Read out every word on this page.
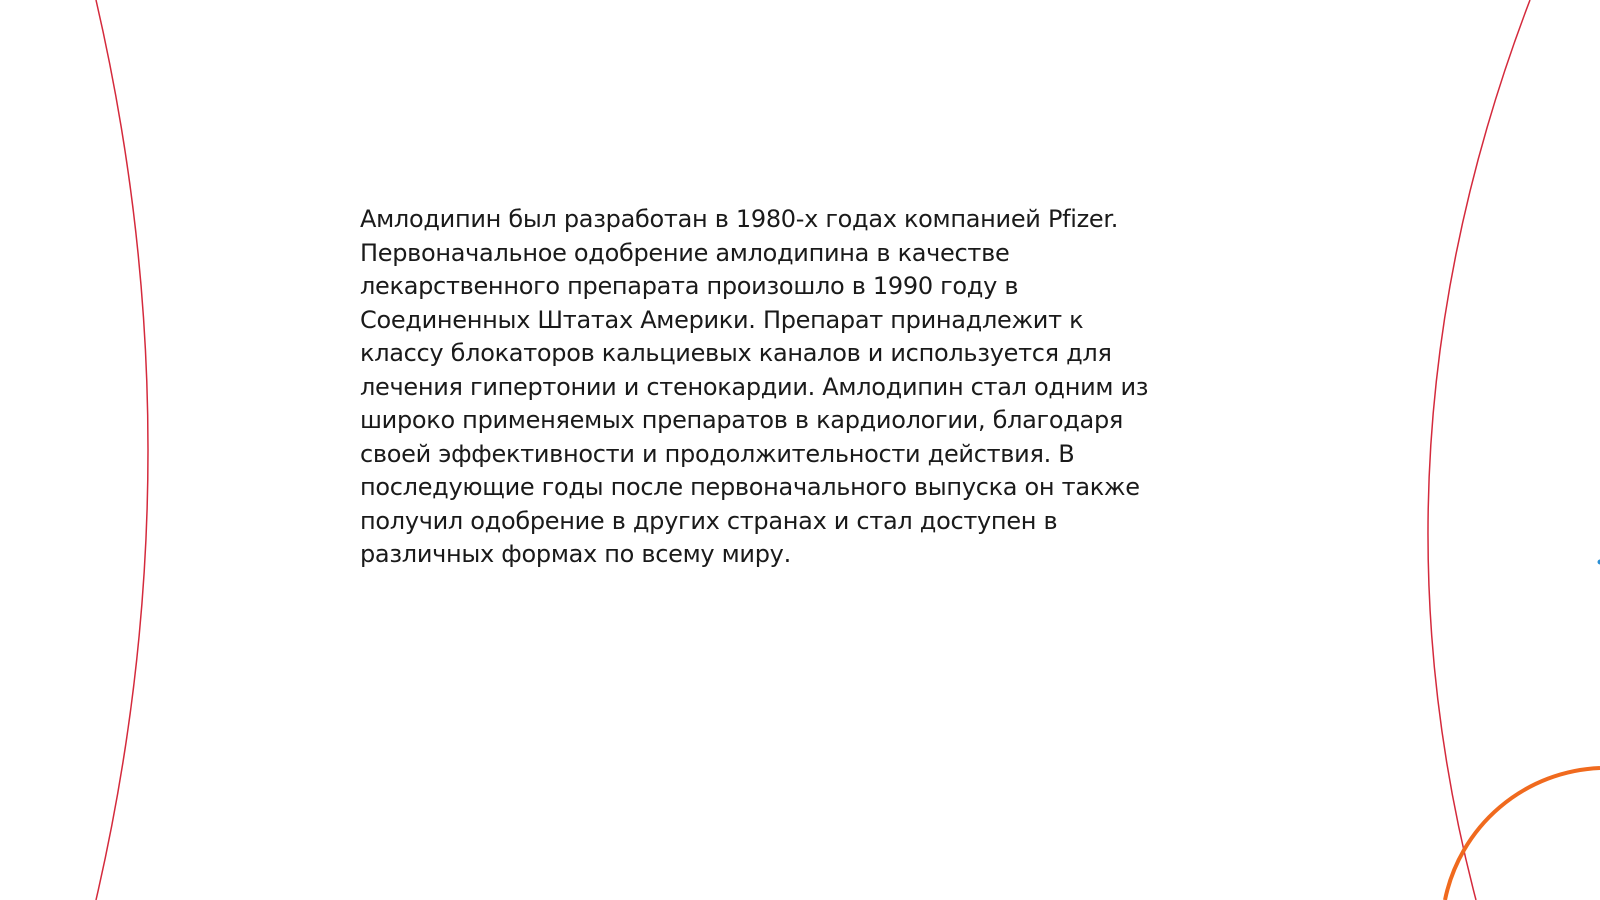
Амлодипин был разработан в 1980-х годах компанией Pfizer.
Первоначальное одобрение амлодипина в качестве
лекарственного препарата произошло в 1990 году в
Соединенных Штатах Америки. Препарат принадлежит к
классу блокаторов кальциевых каналов и используется для
лечения гипертонии и стенокардии. Амлодипин стал одним из
широко применяемых препаратов в кардиологии, благодаря
своей эффективности и продолжительности действия. В
последующие годы после первоначального выпуска он также
получил одобрение в других странах и стал доступен в
различных формах по всему миру.
